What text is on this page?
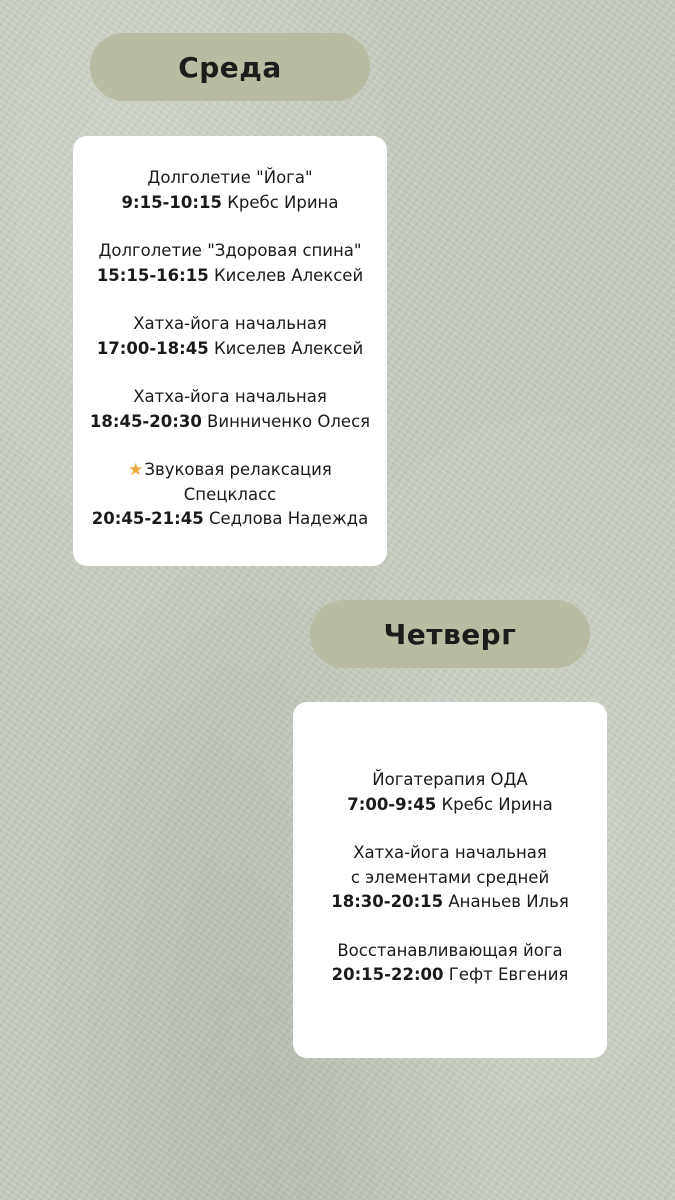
Среда
Долголетие "Йога"
9:15-10:15 Кребс Ирина
Долголетие "Здоровая спина"
15:15-16:15 Киселев Алексей
Хатха-йога начальная
17:00-18:45 Киселев Алексей
Хатха-йога начальная
18:45-20:30 Винниченко Олеся
★Звуковая релаксация
Спецкласс
20:45-21:45 Седлова Надежда
Четверг
Йогатерапия ОДА
7:00-9:45 Кребс Ирина
Хатха-йога начальная
с элементами средней
18:30-20:15 Ананьев Илья
Восстанавливающая йога
20:15-22:00 Гефт Евгения
